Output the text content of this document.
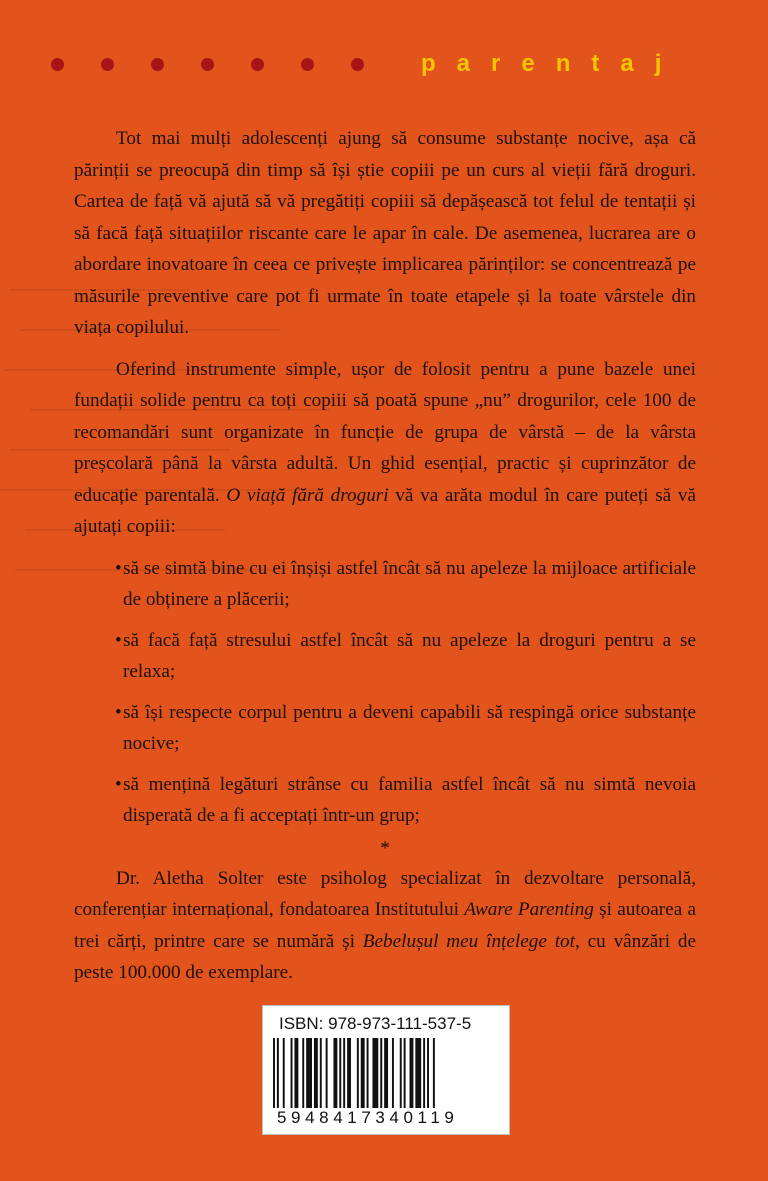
parentaj

Tot mai mulți adolescenți ajung să consume substanțe nocive, așa că părinții se preocupă din timp să își știe copiii pe un curs al vieții fără droguri. Cartea de față vă ajută să vă pregătiți copiii să depășească tot felul de tentații și să facă față situațiilor riscante care le apar în cale. De asemenea, lucrarea are o abordare inovatoare în ceea ce privește implicarea părinților: se concentrează pe măsurile preventive care pot fi urmate în toate etapele și la toate vârstele din viața copilului.

Oferind instrumente simple, ușor de folosit pentru a pune bazele unei fundații solide pentru ca toți copiii să poată spune „nu” drogurilor, cele 100 de recomandări sunt organizate în funcție de grupa de vârstă – de la vârsta preșcolară până la vârsta adultă. Un ghid esențial, practic și cuprinzător de educație parentală. O viață fără droguri vă va arăta modul în care puteți să vă ajutați copiii:

• să se simtă bine cu ei înșiși astfel încât să nu apeleze la mijloace artificiale de obținere a plăcerii;
• să facă față stresului astfel încât să nu apeleze la droguri pentru a se relaxa;
• să își respecte corpul pentru a deveni capabili să respingă orice substanțe nocive;
• să mențină legături strânse cu familia astfel încât să nu simtă nevoia disperată de a fi acceptați într-un grup;
*

Dr. Aletha Solter este psiholog specializat în dezvoltare personală, conferențiar internațional, fondatoarea Institutului Aware Parenting și autoarea a trei cărți, printre care se numără și Bebelușul meu înțelege tot, cu vânzări de peste 100.000 de exemplare.

ISBN: 978-973-111-537-5
5948417340119
